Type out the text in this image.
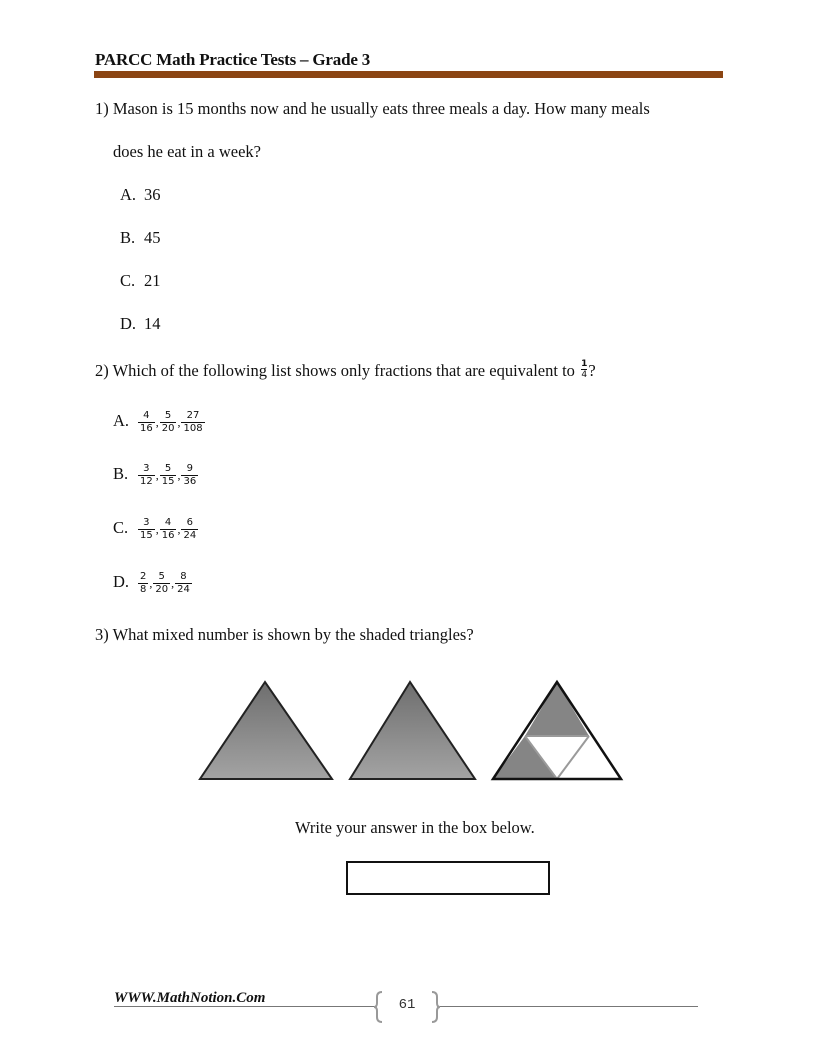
PARCC Math Practice Tests – Grade 3
1) Mason is 15 months now and he usually eats three meals a day. How many meals
does he eat in a week?
A. 36
B. 45
C. 21
D. 14
2) Which of the following list shows only fractions that are equivalent to $\frac{1}{4}$ ?
A. $\frac{4}{16}$ , $\frac{5}{20}$ , $\frac{27}{108}$
B. $\frac{3}{12}$ , $\frac{5}{15}$ , $\frac{9}{36}$
C. $\frac{3}{15}$ , $\frac{4}{16}$ , $\frac{6}{24}$
D. $\frac{2}{8}$ , $\frac{5}{20}$ , $\frac{8}{24}$
3) What mixed number is shown by the shaded triangles?
Write your answer in the box below.
WWW.MathNotion.Com	61
